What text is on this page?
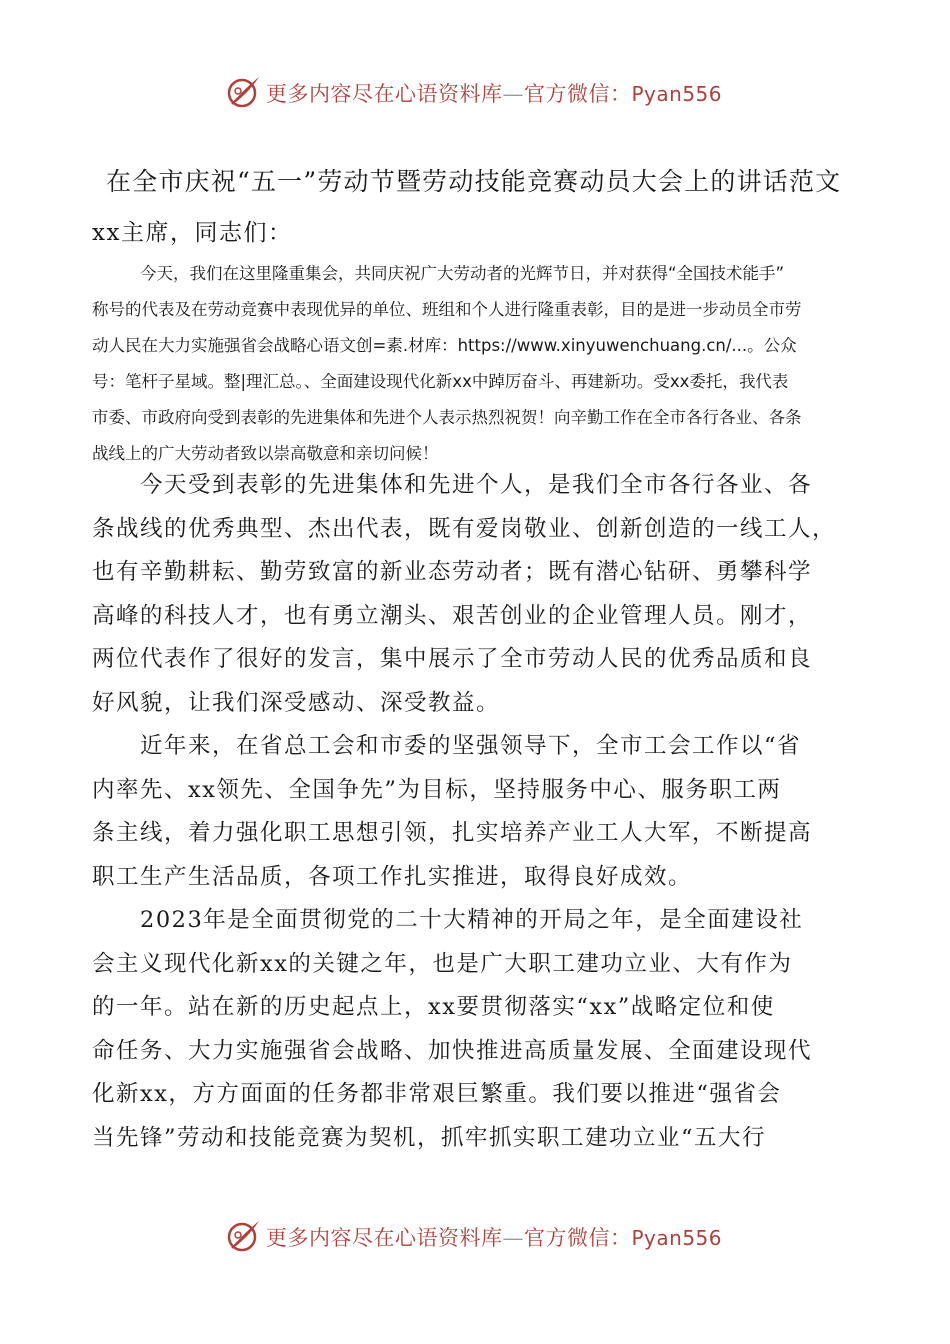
更多内容尽在心语资料库—官方微信：Pyan556
在全市庆祝“五一”劳动节暨劳动技能竞赛动员大会上的讲话范文
xx主席，同志们：
今天，我们在这里隆重集会，共同庆祝广大劳动者的光辉节日，并对获得“全国技术能手”
称号的代表及在劳动竞赛中表现优异的单位、班组和个人进行隆重表彰，目的是进一步动员全市劳
动人民在大力实施强省会战略心语文创=素.材库：https://www.xinyuwenchuang.cn/...。公众
号：笔杆子星域。整|理汇总。、全面建设现代化新xx中踔厉奋斗、再建新功。受xx委托，我代表
市委、市政府向受到表彰的先进集体和先进个人表示热烈祝贺！向辛勤工作在全市各行各业、各条
战线上的广大劳动者致以崇高敬意和亲切问候！
今天受到表彰的先进集体和先进个人，是我们全市各行各业、各
条战线的优秀典型、杰出代表，既有爱岗敬业、创新创造的一线工人，
也有辛勤耕耘、勤劳致富的新业态劳动者；既有潜心钻研、勇攀科学
高峰的科技人才，也有勇立潮头、艰苦创业的企业管理人员。刚才，
两位代表作了很好的发言，集中展示了全市劳动人民的优秀品质和良
好风貌，让我们深受感动、深受教益。
近年来，在省总工会和市委的坚强领导下，全市工会工作以“省
内率先、xx领先、全国争先”为目标，坚持服务中心、服务职工两
条主线，着力强化职工思想引领，扎实培养产业工人大军，不断提高
职工生产生活品质，各项工作扎实推进，取得良好成效。
2023年是全面贯彻党的二十大精神的开局之年，是全面建设社
会主义现代化新xx的关键之年，也是广大职工建功立业、大有作为
的一年。站在新的历史起点上，xx要贯彻落实“xx”战略定位和使
命任务、大力实施强省会战略、加快推进高质量发展、全面建设现代
化新xx，方方面面的任务都非常艰巨繁重。我们要以推进“强省会
当先锋”劳动和技能竞赛为契机，抓牢抓实职工建功立业“五大行
更多内容尽在心语资料库—官方微信：Pyan556
